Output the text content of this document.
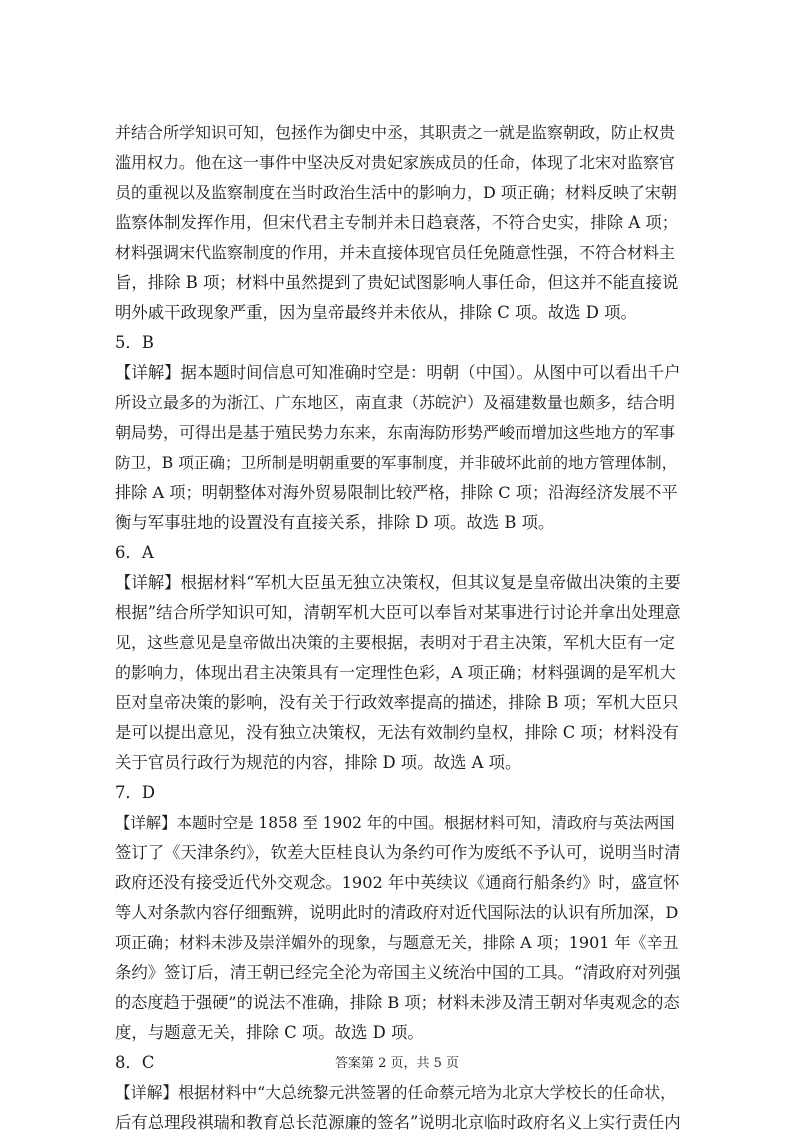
并结合所学知识可知，包拯作为御史中丞，其职责之一就是监察朝政，防止权贵
滥用权力。他在这一事件中坚决反对贵妃家族成员的任命，体现了北宋对监察官
员的重视以及监察制度在当时政治生活中的影响力，D 项正确；材料反映了宋朝
监察体制发挥作用，但宋代君主专制并未日趋衰落，不符合史实，排除 A 项；
材料强调宋代监察制度的作用，并未直接体现官员任免随意性强，不符合材料主
旨，排除 B 项；材料中虽然提到了贵妃试图影响人事任命，但这并不能直接说
明外戚干政现象严重，因为皇帝最终并未依从，排除 C 项。故选 D 项。
5．B
【详解】据本题时间信息可知准确时空是：明朝（中国）。从图中可以看出千户
所设立最多的为浙江、广东地区，南直隶（苏皖沪）及福建数量也颇多，结合明
朝局势，可得出是基于殖民势力东来，东南海防形势严峻而增加这些地方的军事
防卫，B 项正确；卫所制是明朝重要的军事制度，并非破坏此前的地方管理体制，
排除 A 项；明朝整体对海外贸易限制比较严格，排除 C 项；沿海经济发展不平
衡与军事驻地的设置没有直接关系，排除 D 项。故选 B 项。
6．A
【详解】根据材料“军机大臣虽无独立决策权，但其议复是皇帝做出决策的主要
根据”结合所学知识可知，清朝军机大臣可以奉旨对某事进行讨论并拿出处理意
见，这些意见是皇帝做出决策的主要根据，表明对于君主决策，军机大臣有一定
的影响力，体现出君主决策具有一定理性色彩，A 项正确；材料强调的是军机大
臣对皇帝决策的影响，没有关于行政效率提高的描述，排除 B 项；军机大臣只
是可以提出意见，没有独立决策权，无法有效制约皇权，排除 C 项；材料没有
关于官员行政行为规范的内容，排除 D 项。故选 A 项。
7．D
【详解】本题时空是 1858 至 1902 年的中国。根据材料可知，清政府与英法两国
签订了《天津条约》，钦差大臣桂良认为条约可作为废纸不予认可，说明当时清
政府还没有接受近代外交观念。1902 年中英续议《通商行船条约》时，盛宣怀
等人对条款内容仔细甄辨，说明此时的清政府对近代国际法的认识有所加深，D
项正确；材料未涉及崇洋媚外的现象，与题意无关，排除 A 项；1901 年《辛丑
条约》签订后，清王朝已经完全沦为帝国主义统治中国的工具。“清政府对列强
的态度趋于强硬”的说法不准确，排除 B 项；材料未涉及清王朝对华夷观念的态
度，与题意无关，排除 C 项。故选 D 项。
8．C
【详解】根据材料中“大总统黎元洪签署的任命蔡元培为北京大学校长的任命状，
后有总理段祺瑞和教育总长范源廉的签名”说明北京临时政府名义上实行责任内
答案第 2 页，共 5 页
